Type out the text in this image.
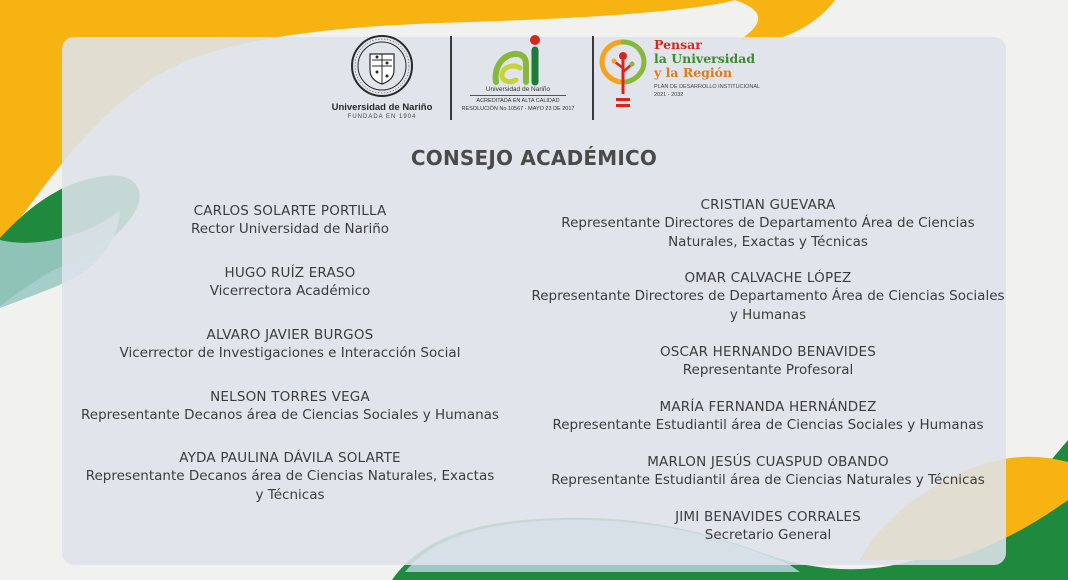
Universidad de Nariño
FUNDADA EN 1904
Universidad de Nariño
ACREDITADA EN ALTA CALIDAD
RESOLUCIÓN No.10567 - MAYO 23 DE 2017
Pensar
la Universidad
y la Región
PLAN DE DESARROLLO INSTITUCIONAL
2021 - 2032
CONSEJO ACADÉMICO
CARLOS SOLARTE PORTILLA
Rector Universidad de Nariño
HUGO RUÍZ ERASO
Vicerrectora Académico
ALVARO JAVIER BURGOS
Vicerrector de Investigaciones e Interacción Social
NELSON TORRES VEGA
Representante Decanos área de Ciencias Sociales y Humanas
AYDA PAULINA DÁVILA SOLARTE
Representante Decanos área de Ciencias Naturales, Exactas y Técnicas
CRISTIAN GUEVARA
Representante Directores de Departamento Área de Ciencias Naturales, Exactas y Técnicas
OMAR CALVACHE LÓPEZ
Representante Directores de Departamento Área de Ciencias Sociales y Humanas
OSCAR HERNANDO BENAVIDES
Representante Profesoral
MARÍA FERNANDA HERNÁNDEZ
Representante Estudiantil área de Ciencias Sociales y Humanas
MARLON JESÚS CUASPUD OBANDO
Representante Estudiantil área de Ciencias Naturales y Técnicas
JIMI BENAVIDES CORRALES
Secretario General
